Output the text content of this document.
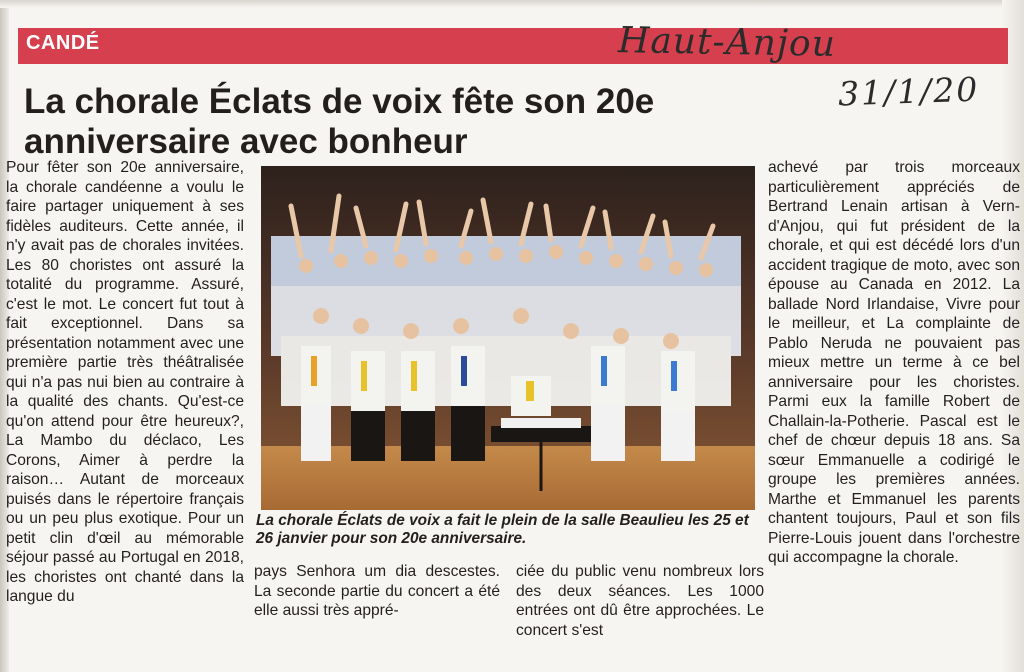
CANDÉ	Haut-Anjou
31/1/20
La chorale Éclats de voix fête son 20e anniversaire avec bonheur

Pour fêter son 20e anniversaire, la chorale candéenne a voulu le faire partager uniquement à ses fidèles auditeurs. Cette année, il n'y avait pas de chorales invitées. Les 80 choristes ont assuré la totalité du programme. Assuré, c'est le mot. Le concert fut tout à fait exceptionnel. Dans sa présentation notamment avec une première partie très théâtralisée qui n'a pas nui bien au contraire à la qualité des chants. Qu'est-ce qu'on attend pour être heureux?, La Mambo du déclaco, Les Corons, Aimer à perdre la raison… Autant de morceaux puisés dans le répertoire français ou un peu plus exotique. Pour un petit clin d'œil au mémorable séjour passé au Portugal en 2018, les choristes ont chanté dans la langue du

La chorale Éclats de voix a fait le plein de la salle Beaulieu les 25 et 26 janvier pour son 20e anniversaire.

pays Senhora um dia descestes. La seconde partie du concert a été elle aussi très appré-

ciée du public venu nombreux lors des deux séances. Les 1000 entrées ont dû être approchées. Le concert s'est

achevé par trois morceaux particulièrement appréciés de Bertrand Lenain artisan à Vern-d'Anjou, qui fut président de la chorale, et qui est décédé lors d'un accident tragique de moto, avec son épouse au Canada en 2012. La ballade Nord Irlandaise, Vivre pour le meilleur, et La complainte de Pablo Neruda ne pouvaient pas mieux mettre un terme à ce bel anniversaire pour les choristes. Parmi eux la famille Robert de Challain-la-Potherie. Pascal est le chef de chœur depuis 18 ans. Sa sœur Emmanuelle a codirigé le groupe les premières années. Marthe et Emmanuel les parents chantent toujours, Paul et son fils Pierre-Louis jouent dans l'orchestre qui accompagne la chorale.
